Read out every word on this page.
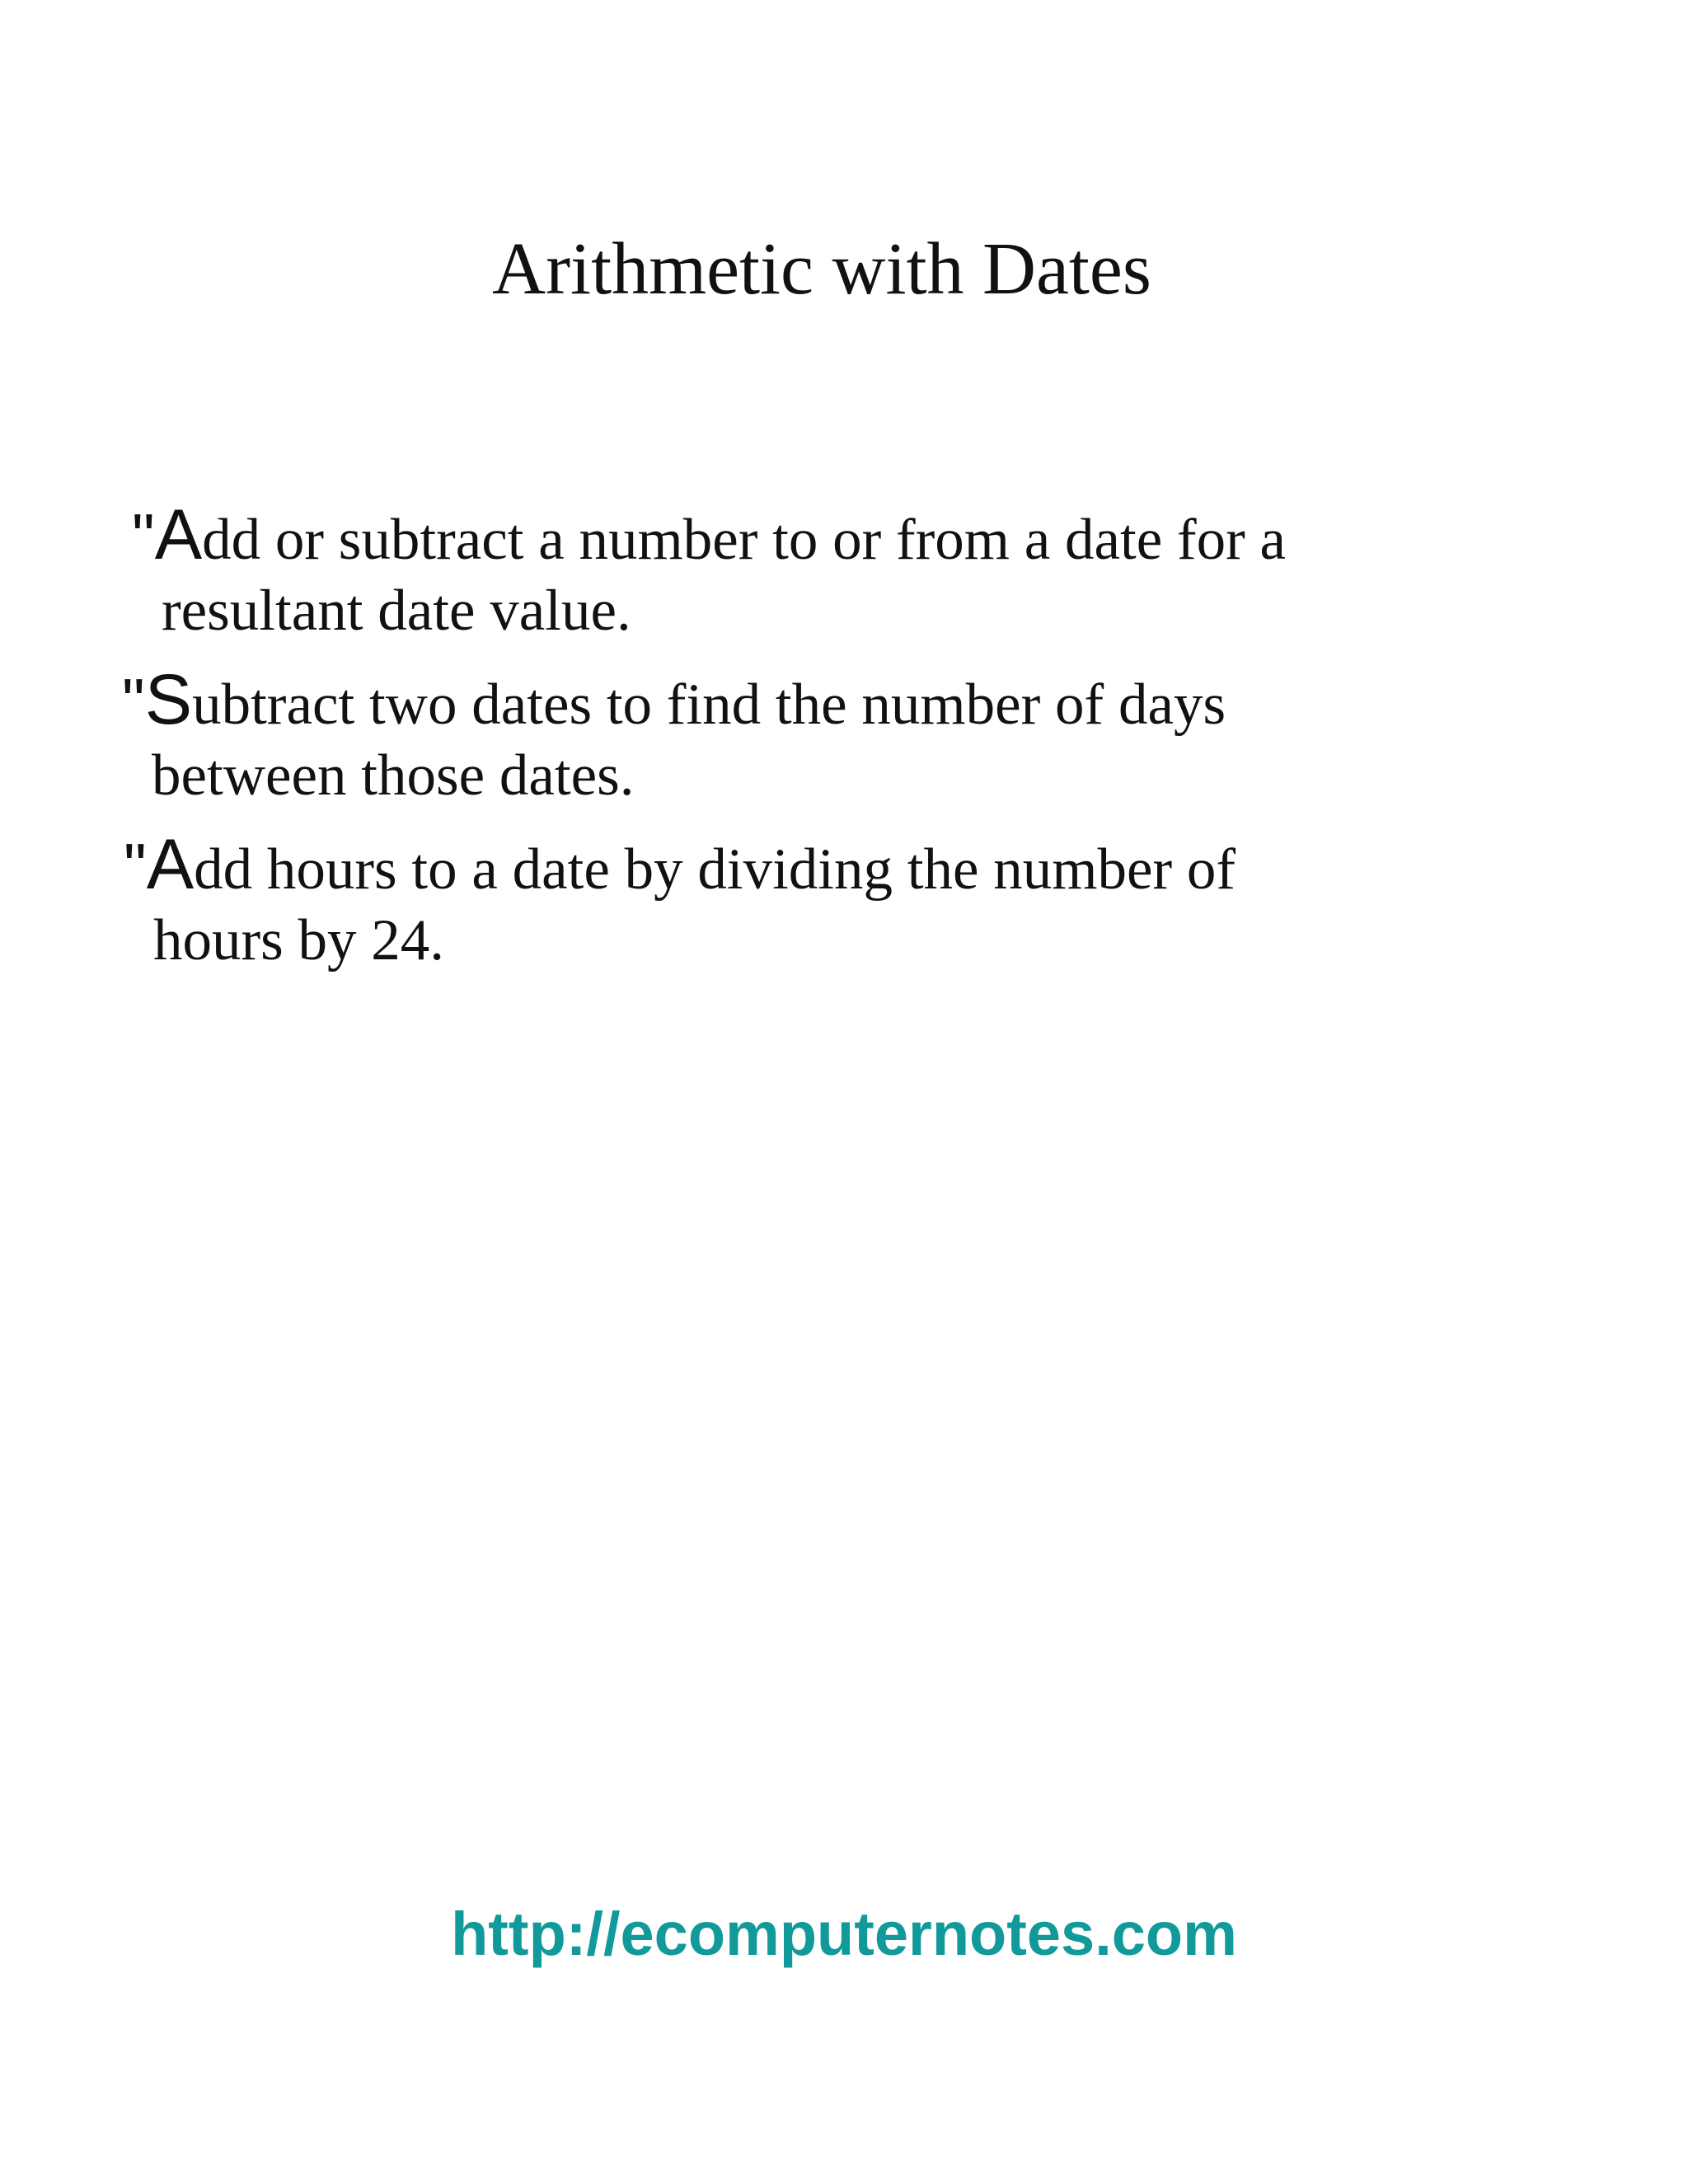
Arithmetic with Dates
"Add or subtract a number to or from a date for a
resultant date value.
"Subtract two dates to find the number of days
between those dates.
"Add hours to a date by dividing the number of
hours by 24.
http://ecomputernotes.com
